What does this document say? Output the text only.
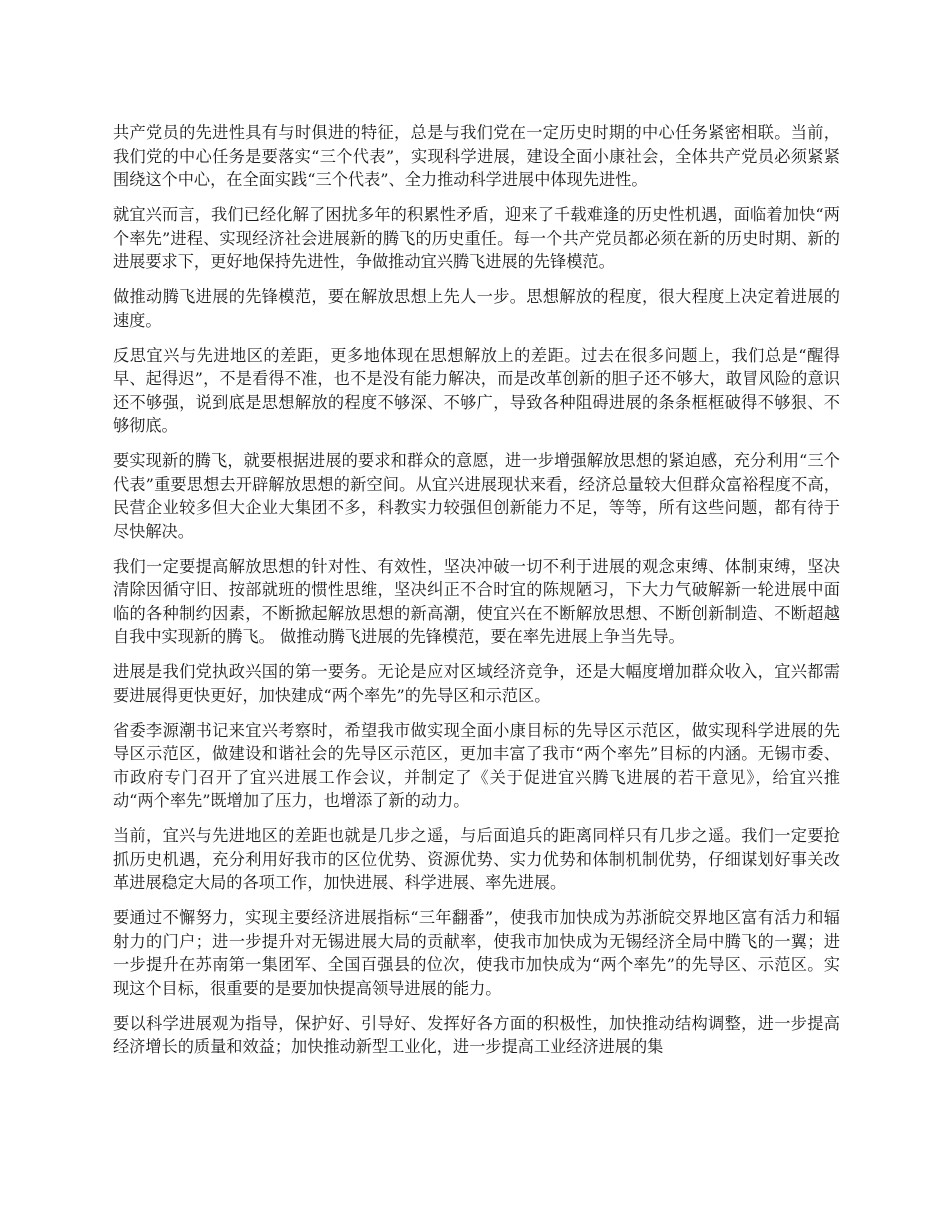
共产党员的先进性具有与时俱进的特征，总是与我们党在一定历史时期的中心任务紧密相联。当前，我们党的中心任务是要落实“三个代表”，实现科学进展，建设全面小康社会，全体共产党员必须紧紧围绕这个中心，在全面实践“三个代表”、全力推动科学进展中体现先进性。

就宜兴而言，我们已经化解了困扰多年的积累性矛盾，迎来了千载难逢的历史性机遇，面临着加快“两个率先”进程、实现经济社会进展新的腾飞的历史重任。每一个共产党员都必须在新的历史时期、新的进展要求下，更好地保持先进性，争做推动宜兴腾飞进展的先锋模范。

做推动腾飞进展的先锋模范，要在解放思想上先人一步。思想解放的程度，很大程度上决定着进展的速度。

反思宜兴与先进地区的差距，更多地体现在思想解放上的差距。过去在很多问题上，我们总是“醒得早、起得迟”，不是看得不准，也不是没有能力解决，而是改革创新的胆子还不够大，敢冒风险的意识还不够强，说到底是思想解放的程度不够深、不够广，导致各种阻碍进展的条条框框破得不够狠、不够彻底。

要实现新的腾飞，就要根据进展的要求和群众的意愿，进一步增强解放思想的紧迫感，充分利用“三个代表”重要思想去开辟解放思想的新空间。从宜兴进展现状来看，经济总量较大但群众富裕程度不高，民营企业较多但大企业大集团不多，科教实力较强但创新能力不足，等等，所有这些问题，都有待于尽快解决。

我们一定要提高解放思想的针对性、有效性，坚决冲破一切不利于进展的观念束缚、体制束缚，坚决清除因循守旧、按部就班的惯性思维，坚决纠正不合时宜的陈规陋习，下大力气破解新一轮进展中面临的各种制约因素，不断掀起解放思想的新高潮，使宜兴在不断解放思想、不断创新制造、不断超越自我中实现新的腾飞。 做推动腾飞进展的先锋模范，要在率先进展上争当先导。

进展是我们党执政兴国的第一要务。无论是应对区域经济竞争，还是大幅度增加群众收入，宜兴都需要进展得更快更好，加快建成“两个率先”的先导区和示范区。

省委李源潮书记来宜兴考察时，希望我市做实现全面小康目标的先导区示范区，做实现科学进展的先导区示范区，做建设和谐社会的先导区示范区，更加丰富了我市“两个率先”目标的内涵。无锡市委、市政府专门召开了宜兴进展工作会议，并制定了《关于促进宜兴腾飞进展的若干意见》，给宜兴推动“两个率先”既增加了压力，也增添了新的动力。

当前，宜兴与先进地区的差距也就是几步之遥，与后面追兵的距离同样只有几步之遥。我们一定要抢抓历史机遇，充分利用好我市的区位优势、资源优势、实力优势和体制机制优势，仔细谋划好事关改革进展稳定大局的各项工作，加快进展、科学进展、率先进展。

要通过不懈努力，实现主要经济进展指标“三年翻番”，使我市加快成为苏浙皖交界地区富有活力和辐射力的门户；进一步提升对无锡进展大局的贡献率，使我市加快成为无锡经济全局中腾飞的一翼；进一步提升在苏南第一集团军、全国百强县的位次，使我市加快成为“两个率先”的先导区、示范区。实现这个目标，很重要的是要加快提高领导进展的能力。

要以科学进展观为指导，保护好、引导好、发挥好各方面的积极性，加快推动结构调整，进一步提高经济增长的质量和效益；加快推动新型工业化，进一步提高工业经济进展的集
